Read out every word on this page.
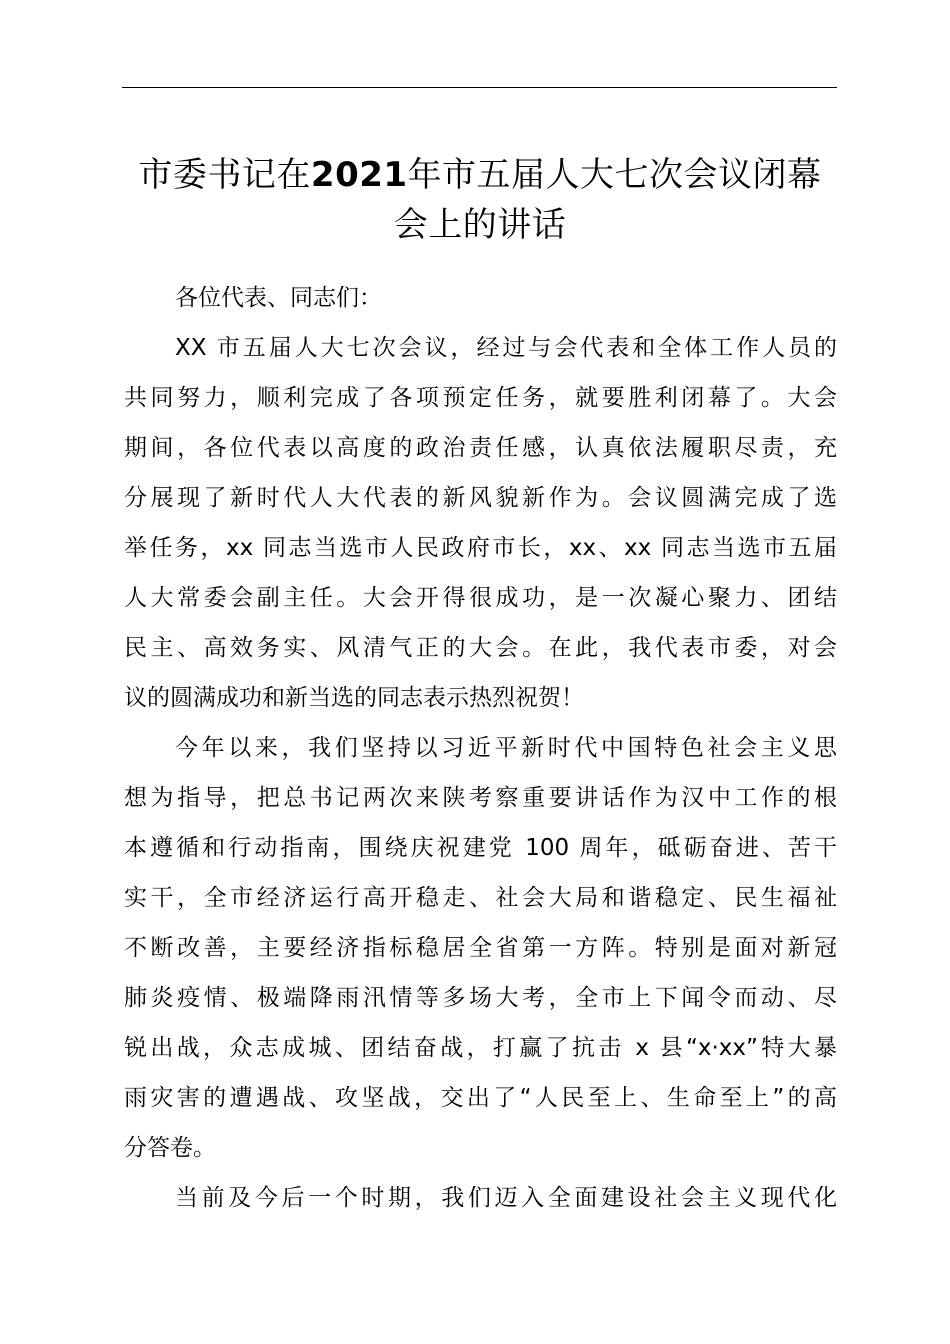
市委书记在2021年市五届人大七次会议闭幕
会上的讲话
各位代表、同志们：
XX 市五届人大七次会议，经过与会代表和全体工作人员的
共同努力，顺利完成了各项预定任务，就要胜利闭幕了。大会
期间，各位代表以高度的政治责任感，认真依法履职尽责，充
分展现了新时代人大代表的新风貌新作为。会议圆满完成了选
举任务，xx 同志当选市人民政府市长，xx、xx 同志当选市五届
人大常委会副主任。大会开得很成功，是一次凝心聚力、团结
民主、高效务实、风清气正的大会。在此，我代表市委，对会
议的圆满成功和新当选的同志表示热烈祝贺！
今年以来，我们坚持以习近平新时代中国特色社会主义思
想为指导，把总书记两次来陕考察重要讲话作为汉中工作的根
本遵循和行动指南，围绕庆祝建党 100 周年，砥砺奋进、苦干
实干，全市经济运行高开稳走、社会大局和谐稳定、民生福祉
不断改善，主要经济指标稳居全省第一方阵。特别是面对新冠
肺炎疫情、极端降雨汛情等多场大考，全市上下闻令而动、尽
锐出战，众志成城、团结奋战，打赢了抗击 x 县“x·xx”特大暴
雨灾害的遭遇战、攻坚战，交出了“人民至上、生命至上”的高
分答卷。
当前及今后一个时期，我们迈入全面建设社会主义现代化
